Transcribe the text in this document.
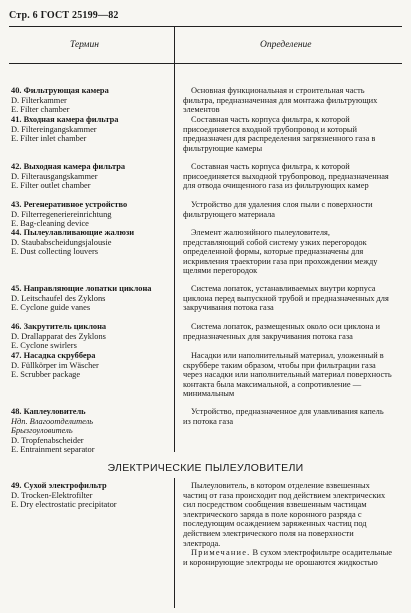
Стр. 6 ГОСТ 25199—82
Термин	Определение
40. Фильтрующая камера
D. Filterkammer
E. Filter chamber
41. Входная камера фильтра
D. Filtereingangskammer
E. Filter inlet chamber
42. Выходная камера фильтра
D. Filterausgangskammer
E. Filter outlet chamber
43. Регенеративное устройство
D. Filterregeneriereinrichtung
E. Bag-cleaning device
44. Пылеулавливающие жалюзи
D. Staubabscheidungsjalousie
E. Dust collecting louvers
45. Направляющие лопатки циклона
D. Leitschaufel des Zyklons
E. Cyclone guide vanes
46. Закрутитель циклона
D. Drallapparat des Zyklons
E. Cyclone swirlers
47. Насадка скруббера
D. Füllkörper im Wäscher
E. Scrubber package
48. Каплеуловитель
Ндп. Влагоотделитель
Брызгоуловитель
D. Tropfenabscheider
E. Entrainment separator
49. Сухой электрофильтр
D. Trocken-Elektrofilter
E. Dry electrostatic precipitator

Основная функциональная и строительная часть фильтра, предназначенная для монтажа фильтрующих элементов

Составная часть корпуса фильтра, к которой присоединяется входной трубопровод и который предназначен для распределения загрязненного газа в фильтрующие камеры

Составная часть корпуса фильтра, к которой присоединяется выходной трубопровод, предназначенная для отвода очищенного газа из фильтрующих камер

Устройство для удаления слоя пыли с поверхности фильтрующего материала

Элемент жалюзийного пылеуловителя, представляющий собой систему узких перегородок определенной формы, которые предназначены для искривления траектории газа при прохождении между щелями перегородок

Система лопаток, устанавливаемых внутри корпуса циклона перед выпускной трубой и предназначенных для закручивания потока газа

Система лопаток, размещенных около оси циклона и предназначенных для закручивания потока газа

Насадки или наполнительный материал, уложенный в скруббере таким образом, чтобы при фильтрации газа через насадки или наполнительный материал поверхность контакта была максимальной, а сопротивление — минимальным

Устройство, предназначенное для улавливания капель из потока газа

ЭЛЕКТРИЧЕСКИЕ ПЫЛЕУЛОВИТЕЛИ

Пылеуловитель, в котором отделение взвешенных частиц от газа происходит под действием электрических сил посредством сообщения взвешенным частицам электрического заряда в поле коронного разряда с последующим осаждением заряженных частиц под действием электрического поля на поверхности электрода.

Примечание. В сухом электрофильтре осадительные и коронирующие электроды не орошаются жидкостью
